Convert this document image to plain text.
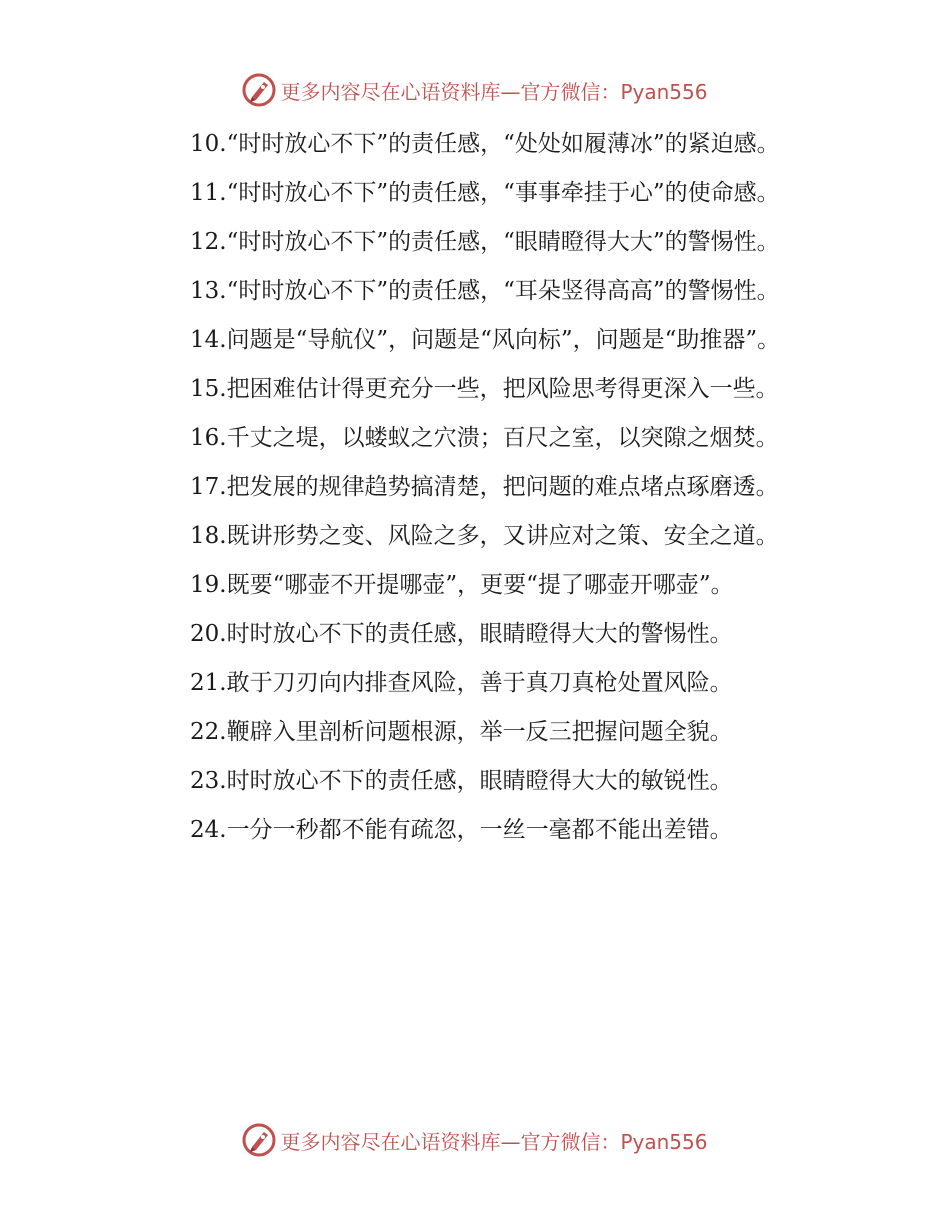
更多内容尽在心语资料库—官方微信：Pyan556

10.“时时放心不下”的责任感，“处处如履薄冰”的紧迫感。

11.“时时放心不下”的责任感，“事事牵挂于心”的使命感。

12.“时时放心不下”的责任感，“眼睛瞪得大大”的警惕性。

13.“时时放心不下”的责任感，“耳朵竖得高高”的警惕性。

14.问题是“导航仪”，问题是“风向标”，问题是“助推器”。

15.把困难估计得更充分一些，把风险思考得更深入一些。

16.千丈之堤，以蝼蚁之穴溃；百尺之室，以突隙之烟焚。

17.把发展的规律趋势搞清楚，把问题的难点堵点琢磨透。

18.既讲形势之变、风险之多，又讲应对之策、安全之道。

19.既要“哪壶不开提哪壶”，更要“提了哪壶开哪壶”。

20.时时放心不下的责任感，眼睛瞪得大大的警惕性。

21.敢于刀刃向内排查风险，善于真刀真枪处置风险。

22.鞭辟入里剖析问题根源，举一反三把握问题全貌。

23.时时放心不下的责任感，眼睛瞪得大大的敏锐性。

24.一分一秒都不能有疏忽，一丝一毫都不能出差错。

更多内容尽在心语资料库—官方微信：Pyan556
